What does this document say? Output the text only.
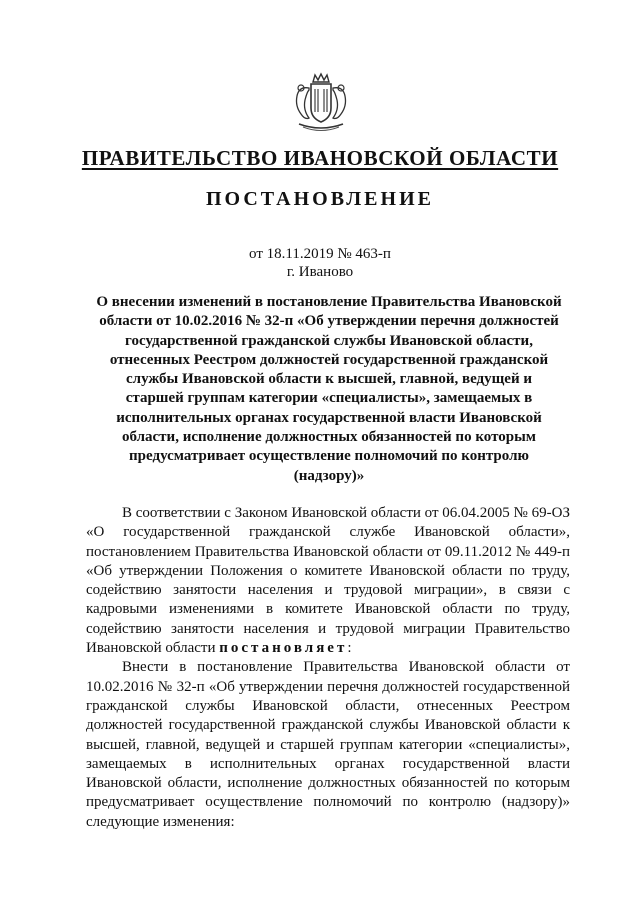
ПРАВИТЕЛЬСТВО ИВАНОВСКОЙ ОБЛАСТИ
ПОСТАНОВЛЕНИЕ
от 18.11.2019 № 463-п
г. Иваново
О внесении изменений в постановление Правительства Ивановской области от 10.02.2016 № 32-п «Об утверждении перечня должностей государственной гражданской службы Ивановской области, отнесенных Реестром должностей государственной гражданской службы Ивановской области к высшей, главной, ведущей и старшей группам категории «специалисты», замещаемых в исполнительных органах государственной власти Ивановской области, исполнение должностных обязанностей по которым предусматривает осуществление полномочий по контролю (надзору)»

В соответствии с Законом Ивановской области от 06.04.2005 № 69-ОЗ «О государственной гражданской службе Ивановской области», постановлением Правительства Ивановской области от 09.11.2012 № 449-п «Об утверждении Положения о комитете Ивановской области по труду, содействию занятости населения и трудовой миграции», в связи с кадровыми изменениями в комитете Ивановской области по труду, содействию занятости населения и трудовой миграции Правительство Ивановской области постановляет:

Внести в постановление Правительства Ивановской области от 10.02.2016 № 32-п «Об утверждении перечня должностей государственной гражданской службы Ивановской области, отнесенных Реестром должностей государственной гражданской службы Ивановской области к высшей, главной, ведущей и старшей группам категории «специалисты», замещаемых в исполнительных органах государственной власти Ивановской области, исполнение должностных обязанностей по которым предусматривает осуществление полномочий по контролю (надзору)» следующие изменения:
